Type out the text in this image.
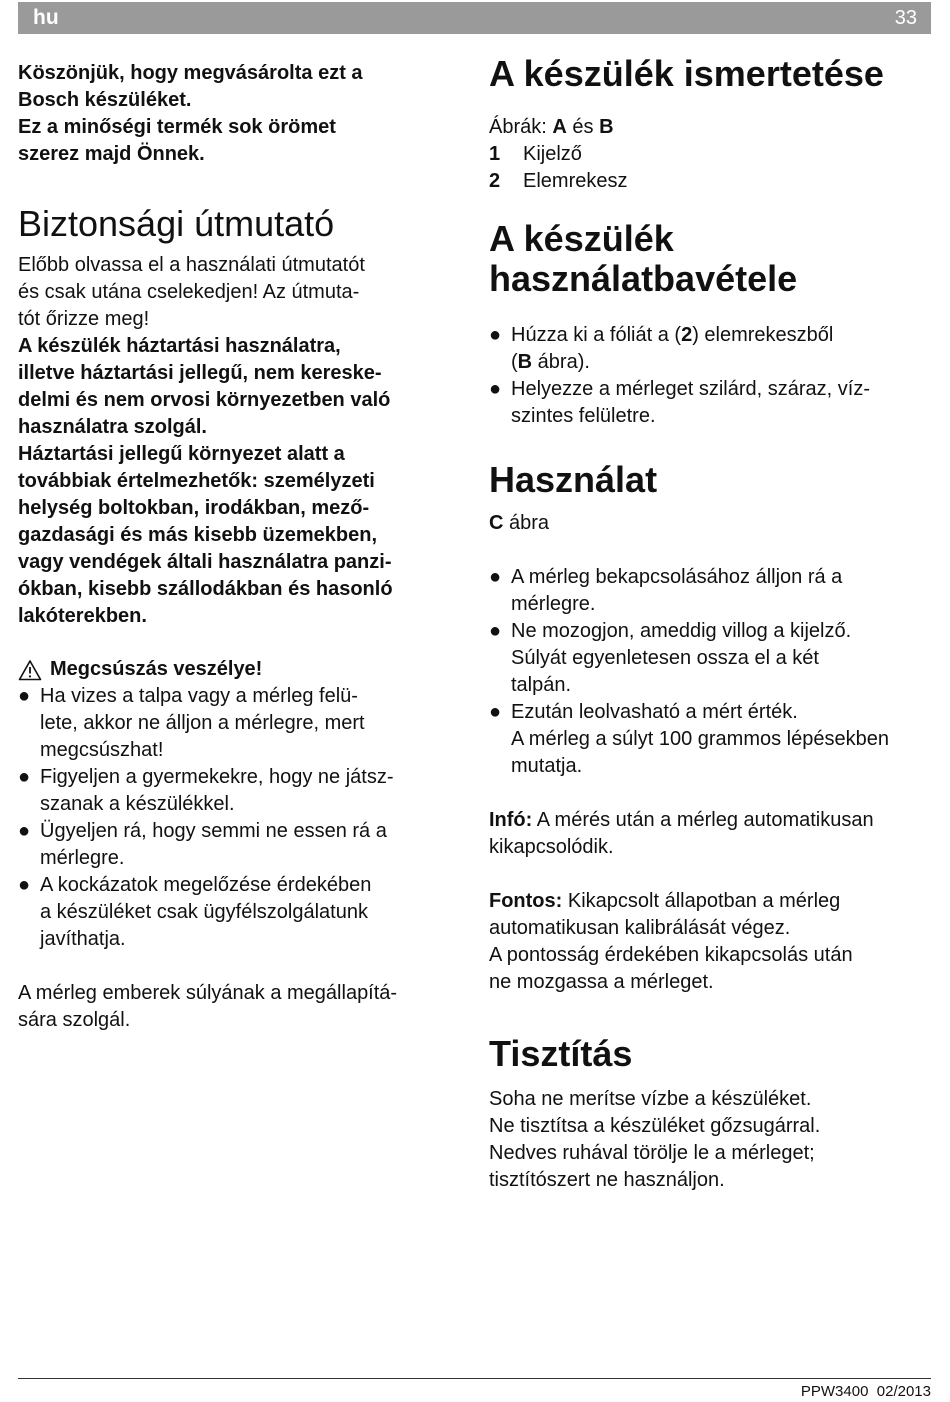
hu	33

Köszönjük, hogy megvásárolta ezt a

Bosch készüléket.

Ez a minőségi termék sok örömet

szerez majd Önnek.

Biztonsági útmutató

Előbb olvassa el a használati útmutatót

és csak utána cselekedjen! Az útmuta-

tót őrizze meg!

A készülék háztartási használatra,

illetve háztartási jellegű, nem kereske-

delmi és nem orvosi környezetben való

használatra szolgál.

Háztartási jellegű környezet alatt a

továbbiak értelmezhetők: személyzeti

helység boltokban, irodákban, mező-

gazdasági és más kisebb üzemekben,

vagy vendégek általi használatra panzi-

ókban, kisebb szállodákban és hasonló

lakóterekben.

Megcsúszás veszélye!

● Ha vizes a talpa vagy a mérleg felü-

lete, akkor ne álljon a mérlegre, mert

megcsúszhat!

● Figyeljen a gyermekekre, hogy ne játsz-

szanak a készülékkel.

● Ügyeljen rá, hogy semmi ne essen rá a

mérlegre.

● A kockázatok megelőzése érdekében

a készüléket csak ügyfélszolgálatunk

javíthatja.

A mérleg emberek súlyának a megállapítá-

sára szolgál.

A készülék ismertetése

Ábrák: A és B

1 Kijelző

2 Elemrekesz

A készülék
használatbavétele
● Húzza ki a fóliát a (2) elemrekeszből

(B ábra).

● Helyezze a mérleget szilárd, száraz, víz-

szintes felületre.

Használat

C ábra

● A mérleg bekapcsolásához álljon rá a

mérlegre.

● Ne mozogjon, ameddig villog a kijelző.

Súlyát egyenletesen ossza el a két

talpán.

● Ezután leolvasható a mért érték.

A mérleg a súlyt 100 grammos lépésekben

mutatja.

Infó: A mérés után a mérleg automatikusan

kikapcsolódik.

Fontos: Kikapcsolt állapotban a mérleg

automatikusan kalibrálását végez.

A pontosság érdekében kikapcsolás után

ne mozgassa a mérleget.

Tisztítás

Soha ne merítse vízbe a készüléket.

Ne tisztítsa a készüléket gőzsugárral.

Nedves ruhával törölje le a mérleget;

tisztítószert ne használjon.

PPW3400 02/2013
